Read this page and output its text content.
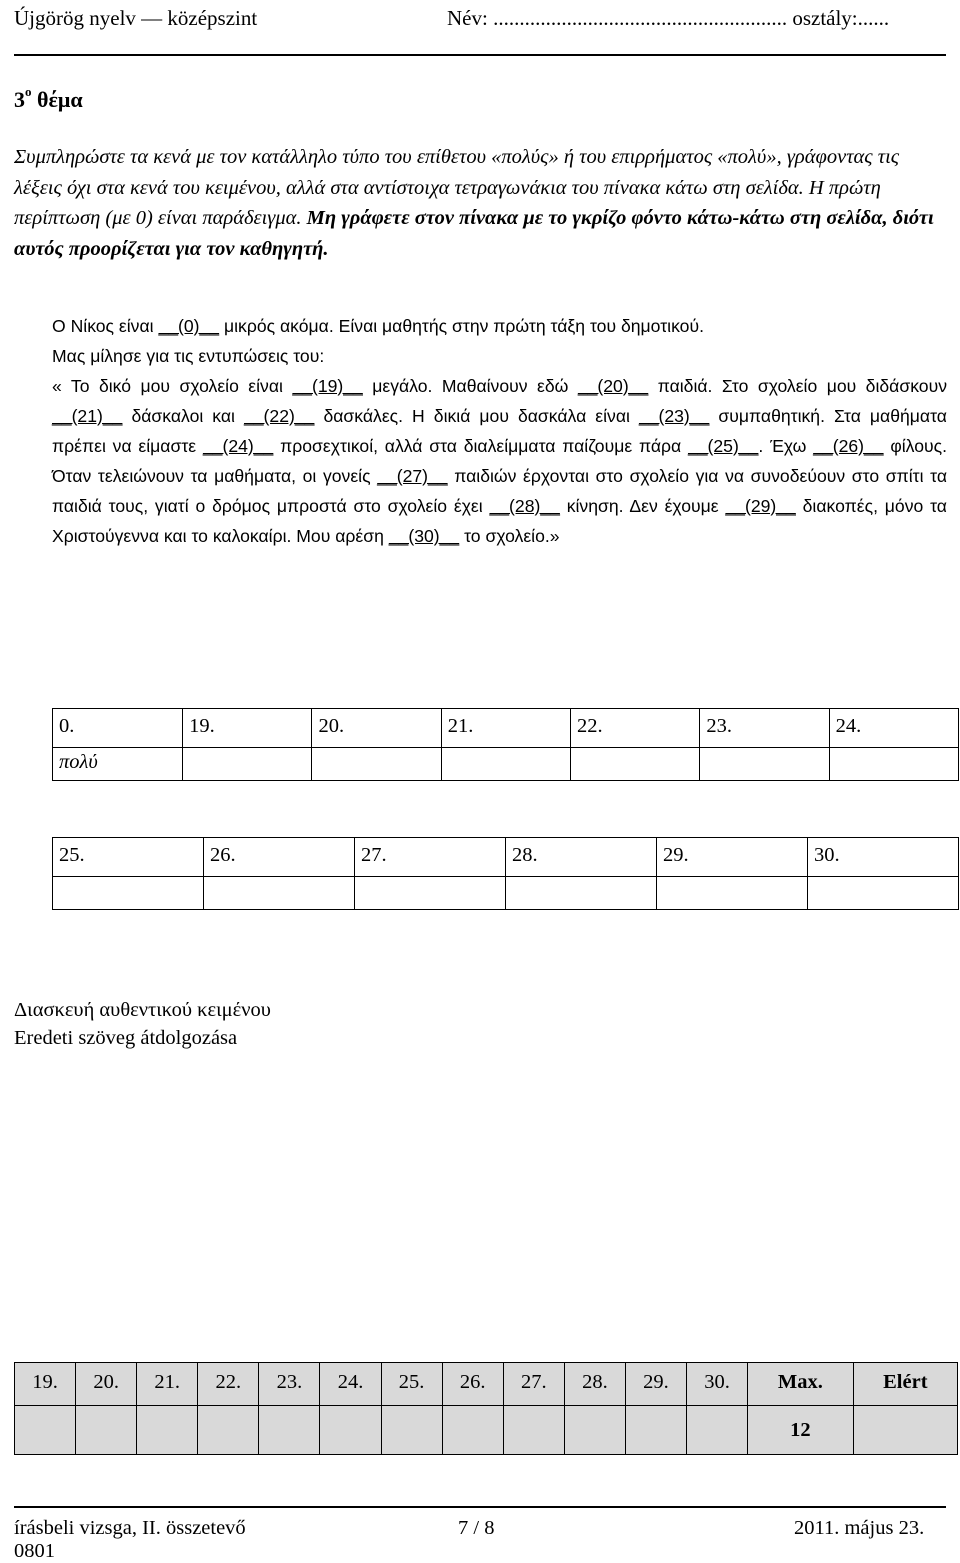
Újgörög nyelv — középszint	Név: ........................................................ osztály:......
$3^o$ θέμα
Συμπληρώστε τα κενά με τον κατάλληλο τύπο του επίθετου «πολύς» ή του επιρρήματος «πολύ», γράφοντας τις λέξεις όχι στα κενά του κειμένου, αλλά στα αντίστοιχα τετραγωνάκια του πίνακα κάτω στη σελίδα. Η πρώτη περίπτωση (με 0) είναι παράδειγμα. Μη γράφετε στον πίνακα με το γκρίζο φόντο κάτω-κάτω στη σελίδα, διότι αυτός προορίζεται για τον καθηγητή.
Ο Νίκος είναι __(0)__ μικρός ακόμα. Είναι μαθητής στην πρώτη τάξη του δημοτικού.
Μας μίλησε για τις εντυπώσεις του:
« Το δικό μου σχολείο είναι __(19)__ μεγάλο. Μαθαίνουν εδώ __(20)__ παιδιά. Στο σχολείο μου διδάσκουν __(21)__ δάσκαλοι και __(22)__ δασκάλες. Η δικιά μου δασκάλα είναι __(23)__ συμπαθητική. Στα μαθήματα πρέπει να είμαστε __(24)__ προσεχτικοί, αλλά στα διαλείμματα παίζουμε πάρα __(25)__. Έχω __(26)__ φίλους. Όταν τελειώνουν τα μαθήματα, οι γονείς __(27)__ παιδιών έρχονται στο σχολείο για να συνοδεύουν στο σπίτι τα παιδιά τους, γιατί ο δρόμος μπροστά στο σχολείο έχει __(28)__ κίνηση. Δεν έχουμε __(29)__ διακοπές, μόνο τα Χριστούγεννα και το καλοκαίρι. Μου αρέση __(30)__ το σχολείο.»
0.	19.	20.	21.	22.	23.	24.
πολύ						
25.	26.	27.	28.	29.	30.

Διασκευή αυθεντικού κειμένου
Eredeti szöveg átdolgozása
19.	20.	21.	22.	23.	24.	25.	26.	27.	28.	29.	30.	Max.	Elért
												12	
írásbeli vizsga, II. összetevő	7 / 8	2011. május 23.
0801
